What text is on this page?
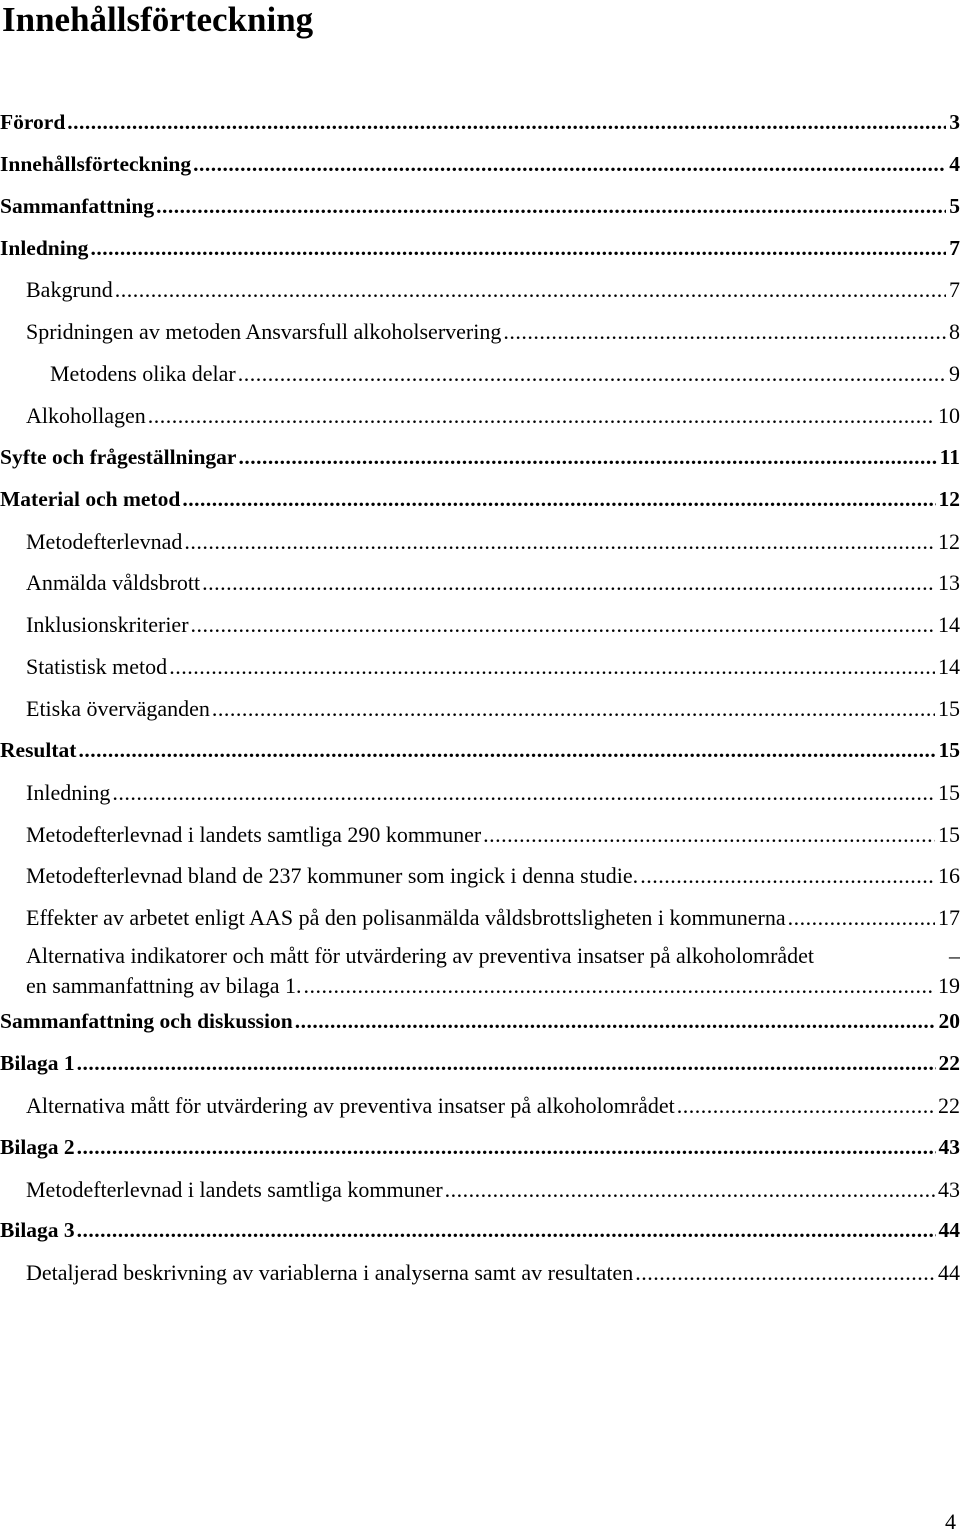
Innehållsförteckning
Förord .....	3
Innehållsförteckning .....	4
Sammanfattning .....	5
Inledning .....	7
Bakgrund .....	7
Spridningen av metoden Ansvarsfull alkoholservering .....	8
Metodens olika delar .....	9
Alkohollagen .....	10
Syfte och frågeställningar .....	11
Material och metod .....	12
Metodefterlevnad .....	12
Anmälda våldsbrott .....	13
Inklusionskriterier .....	14
Statistisk metod .....	14
Etiska överväganden .....	15
Resultat .....	15
Inledning .....	15
Metodefterlevnad i landets samtliga 290 kommuner .....	15
Metodefterlevnad bland de 237 kommuner som ingick i denna studie. .....	16
Effekter av arbetet enligt AAS på den polisanmälda våldsbrottsligheten i kommunerna .....	17
Alternativa indikatorer och mått för utvärdering av preventiva insatser på alkoholområdet	–
en sammanfattning av bilaga 1. .....	19
Sammanfattning och diskussion .....	20
Bilaga 1 .....	22
Alternativa mått för utvärdering av preventiva insatser på alkoholområdet .....	22
Bilaga 2 .....	43
Metodefterlevnad i landets samtliga kommuner .....	43
Bilaga 3 .....	44
Detaljerad beskrivning av variablerna i analyserna samt av resultaten .....	44
4
